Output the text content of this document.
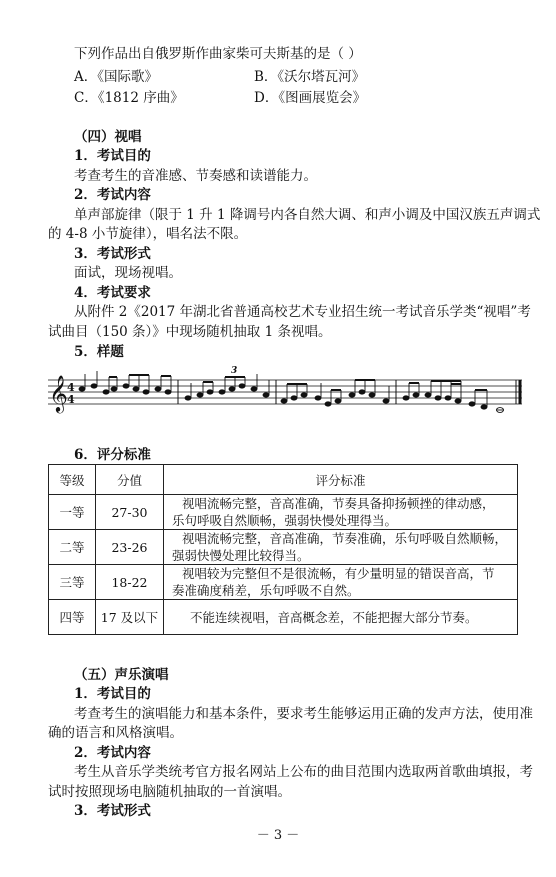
下列作品出自俄罗斯作曲家柴可夫斯基的是（ ）
A．《国际歌》	B．《沃尔塔瓦河》
C．《1812 序曲》	D．《图画展览会》
（四）视唱
1．考试目的
考查考生的音准感、节奏感和读谱能力。
2．考试内容
单声部旋律（限于 1 升 1 降调号内各自然大调、和声小调及中国汉族五声调式
的 4-8 小节旋律），唱名法不限。
3．考试形式
面试，现场视唱。
4．考试要求
从附件 2《2017 年湖北省普通高校艺术专业招生统一考试音乐学类“视唱”考
试曲目（150 条）》中现场随机抽取 1 条视唱。
5．样题
𝄞 4
4
3
6．评分标准
等级	分值	评分标准
一等	27-30	视唱流畅完整，音高准确，节奏具备抑扬顿挫的律动感，
乐句呼吸自然顺畅，强弱快慢处理得当。

二等	23-26	视唱流畅完整，音高准确，节奏准确，乐句呼吸自然顺畅，
强弱快慢处理比较得当。

三等	18-22	视唱较为完整但不是很流畅，有少量明显的错误音高，节
奏准确度稍差，乐句呼吸不自然。

四等	17 及以下	不能连续视唱，音高概念差，不能把握大部分节奏。
（五）声乐演唱
1．考试目的
考查考生的演唱能力和基本条件，要求考生能够运用正确的发声方法，使用准
确的语言和风格演唱。
2．考试内容
考生从音乐学类统考官方报名网站上公布的曲目范围内选取两首歌曲填报，考
试时按照现场电脑随机抽取的一首演唱。
3．考试形式
－ 3 －
